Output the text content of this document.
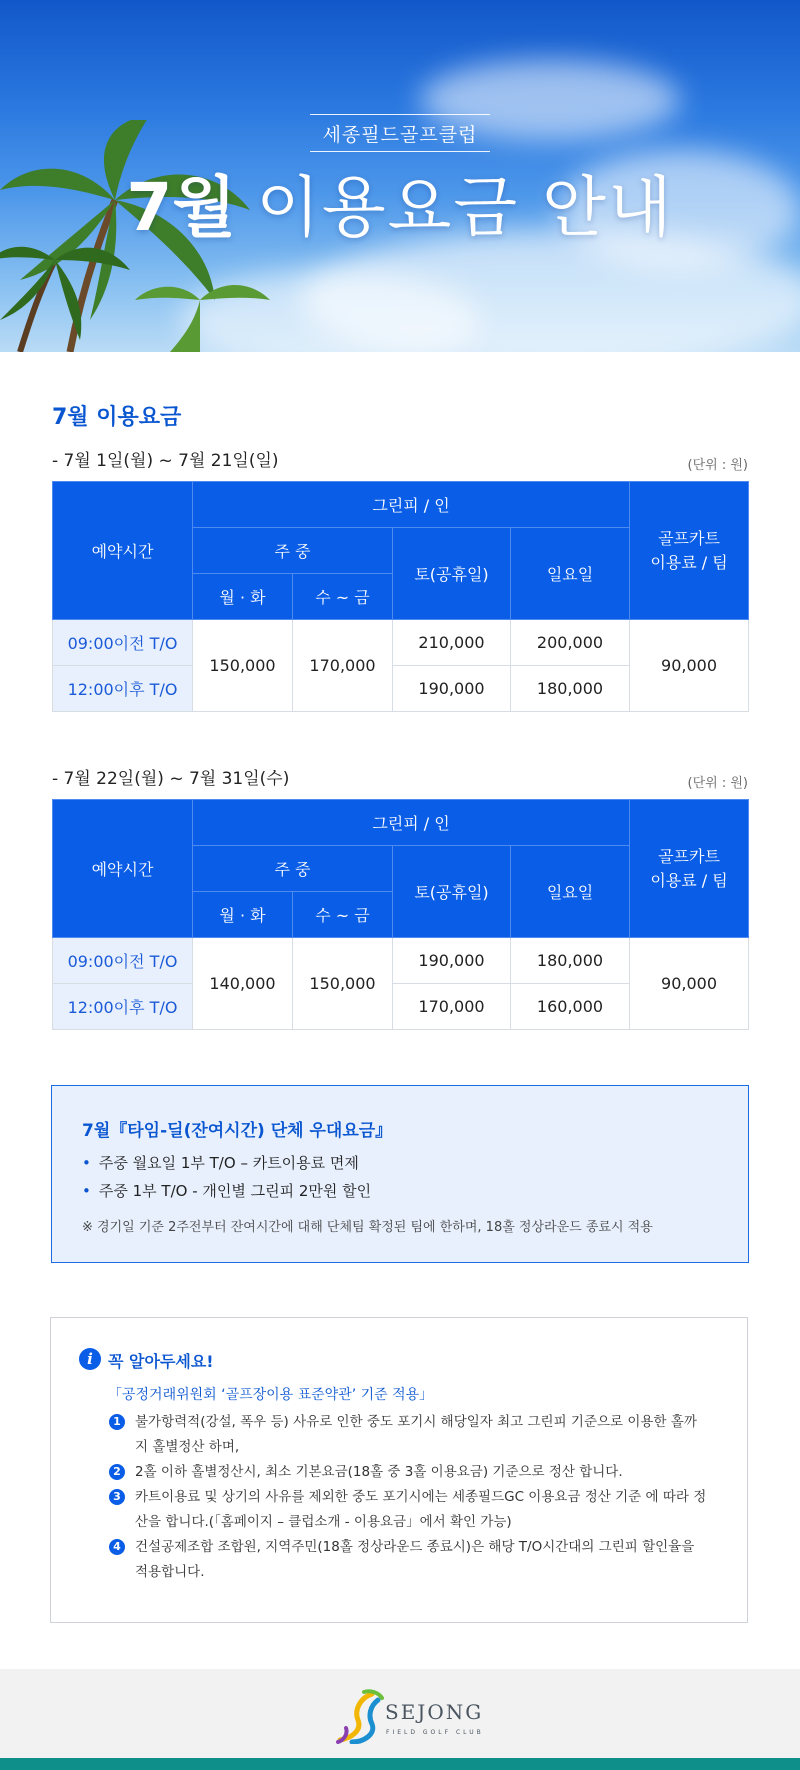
세종필드골프클럽
7월 이용요금 안내
7월 이용요금
- 7월 1일(월) ~ 7월 21일(일)	(단위 : 원)
예약시간	그린피 / 인				골프카트
이용료 / 팀
	주 중		토(공휴일)	일요일	
	월 · 화	수 ~ 금			
09:00이전 T/O	150,000	170,000	210,000	200,000	90,000
12:00이후 T/O			190,000	180,000	
- 7월 22일(월) ~ 7월 31일(수)	(단위 : 원)
예약시간	그린피 / 인				골프카트
이용료 / 팀
	주 중		토(공휴일)	일요일	
	월 · 화	수 ~ 금			
09:00이전 T/O	140,000	150,000	190,000	180,000	90,000
12:00이후 T/O			170,000	160,000	
7월『타임-딜(잔여시간) 단체 우대요금』
• 주중 월요일 1부 T/O – 카트이용료 면제
• 주중 1부 T/O - 개인별 그린피 2만원 할인
※ 경기일 기준 2주전부터 잔여시간에 대해 단체팀 확정된 팀에 한하며, 18홀 정상라운드 종료시 적용
i 꼭 알아두세요!
「공정거래위원회 ‘골프장이용 표준약관’ 기준 적용」
1	불가항력적(강설, 폭우 등) 사유로 인한 중도 포기시 해당일자 최고 그린피 기준으로 이용한 홀까지 홀별정산 하며,
2	2홀 이하 홀별정산시, 최소 기본요금(18홀 중 3홀 이용요금) 기준으로 정산 합니다.
3	카트이용료 및 상기의 사유를 제외한 중도 포기시에는 세종필드GC 이용요금 정산 기준 에 따라 정산을 합니다.(「홈페이지 – 클럽소개 - 이용요금」에서 확인 가능)
4	건설공제조합 조합원, 지역주민(18홀 정상라운드 종료시)은 해당 T/O시간대의 그린피 할인율을 적용합니다.
SEJONG
FIELD GOLF CLUB
